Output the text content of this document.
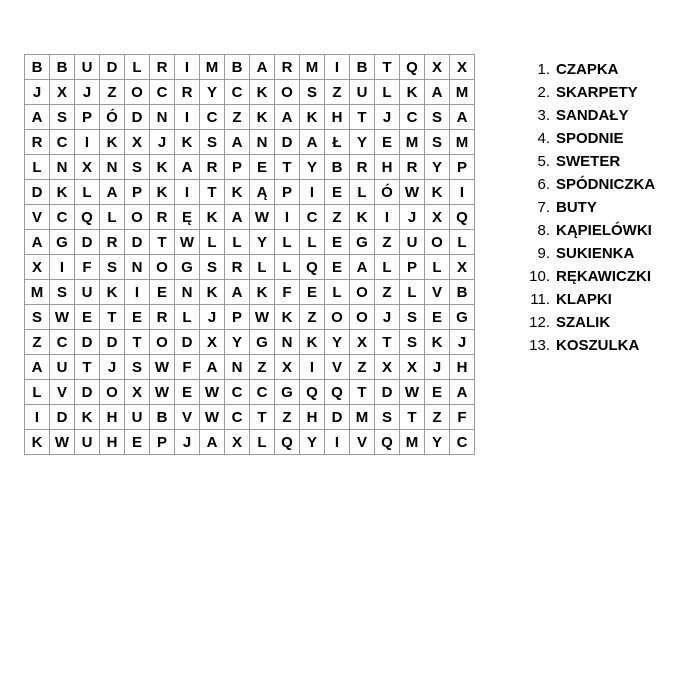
B B U D L	R	I	M B A R M	I	B T Q X X
J	X	J	Z O C R Y C K O S	Z	U L	K A M
A S P Ó D N	I	C Z	K A K H T	J	C S A
R C	I	K X	J	K S A N D A Ł	Y E M S M
L	N X N S K A R P E	T	Y B R H R Y P
D K L	A P K	I	T	K Ą P	I	E	L Ó W K	I
V C Q L O R Ę K A W	I	C Z	K	I	J	X Q
A G D R D T W L	L	Y	L	L	E G Z	U O L
X	I	F	S N O G S R L	L Q E A L	P	L	X
M S U K	I	E N K A K F	E	L O Z	L	V B
S W E	T	E R L	J	P W K Z O O	J	S E G
Z	C D D T O D X Y G N K Y X	T	S K	J
A U T	J	S W F	A N Z	X	I	V	Z	X X	J	H
L	V D O X W E W C C G Q Q T	D W E A
I	D K H U B V W C T	Z	H D M S	T	Z	F
K W U H E P	J	A X	L Q Y	I	V Q M Y C
1. CZAPKA
2. SKARPETY
3. SANDAŁY
4. SPODNIE
5. SWETER
6. SPÓDNICZKA
7. BUTY
8. KĄPIELÓWKI
9. SUKIENKA
10. RĘKAWICZKI
11. KLAPKI
12. SZALIK
13. KOSZULKA
